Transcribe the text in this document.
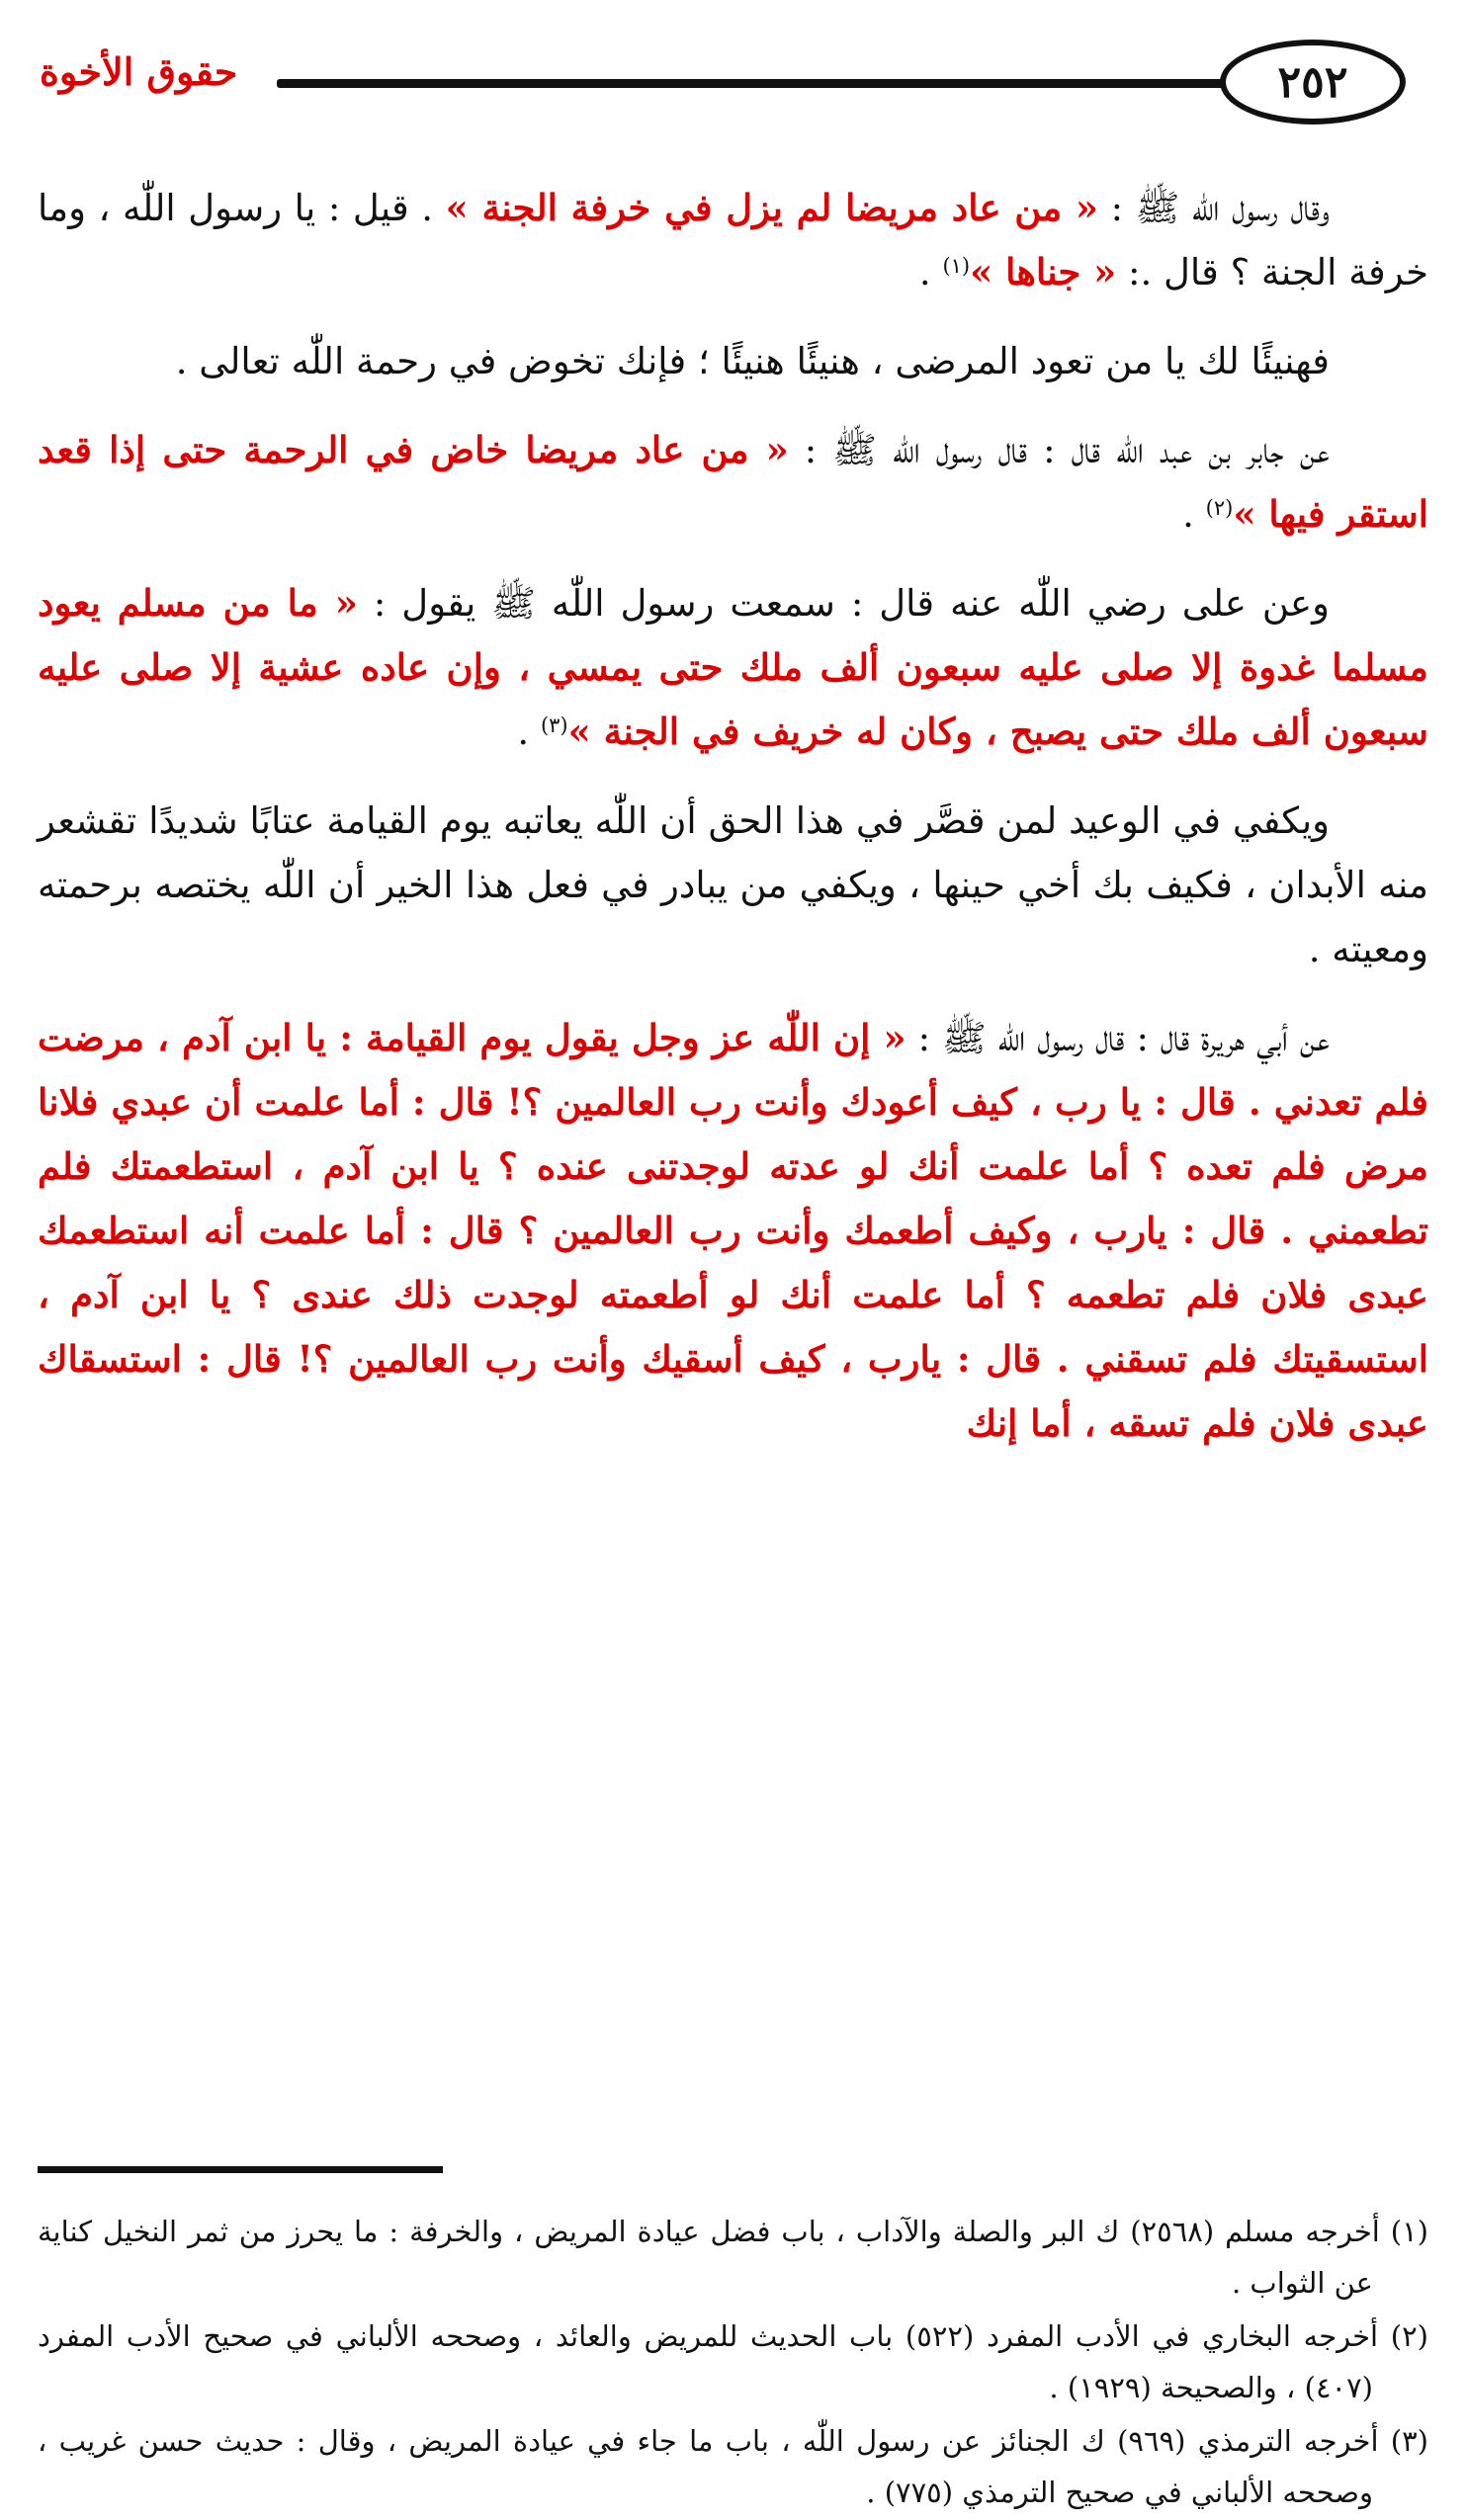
٢٥٢
حقوق الأخوة

وقال رسول اللّٰه ﷺ : « من عاد مريضا لم يزل في خرفة الجنة » . قيل : يا رسول اللّٰه ، وما خرفة الجنة ؟ قال .: « جناها »$^{(١)}$ .

فهنيئًا لك يا من تعود المرضى ، هنيئًا هنيئًا ؛ فإنك تخوض في رحمة اللّٰه تعالى .

عن جابر بن عبد اللّٰه قال : قال رسول اللّٰه ﷺ : « من عاد مريضا خاض في الرحمة حتى إذا قعد استقر فيها »$^{(٢)}$ .

وعن على رضي اللّٰه عنه قال : سمعت رسول اللّٰه ﷺ يقول : « ما من مسلم يعود مسلما غدوة إلا صلى عليه سبعون ألف ملك حتى يمسي ، وإن عاده عشية إلا صلى عليه سبعون ألف ملك حتى يصبح ، وكان له خريف في الجنة »$^{(٣)}$ .

ويكفي في الوعيد لمن قصَّر في هذا الحق أن اللّٰه يعاتبه يوم القيامة عتابًا شديدًا تقشعر منه الأبدان ، فكيف بك أخي حينها ، ويكفي من يبادر في فعل هذا الخير أن اللّٰه يختصه برحمته ومعيته .

عن أبي هريرة قال : قال رسول اللّٰه ﷺ : « إن اللّٰه عز وجل يقول يوم القيامة : يا ابن آدم ، مرضت فلم تعدني . قال : يا رب ، كيف أعودك وأنت رب العالمين ؟! قال : أما علمت أن عبدي فلانا مرض فلم تعده ؟ أما علمت أنك لو عدته لوجدتنى عنده ؟ يا ابن آدم ، استطعمتك فلم تطعمني . قال : يارب ، وكيف أطعمك وأنت رب العالمين ؟ قال : أما علمت أنه استطعمك عبدى فلان فلم تطعمه ؟ أما علمت أنك لو أطعمته لوجدت ذلك عندى ؟ يا ابن آدم ، استسقيتك فلم تسقني . قال : يارب ، كيف أسقيك وأنت رب العالمين ؟! قال : استسقاك عبدى فلان فلم تسقه ، أما إنك

(١) أخرجه مسلم (٢٥٦٨) ك البر والصلة والآداب ، باب فضل عيادة المريض ، والخرفة : ما يحرز من ثمر النخيل كناية عن الثواب .

(٢) أخرجه البخاري في الأدب المفرد (٥٢٢) باب الحديث للمريض والعائد ، وصححه الألباني في صحيح الأدب المفرد (٤٠٧) ، والصحيحة (١٩٢٩) .

(٣) أخرجه الترمذي (٩٦٩) ك الجنائز عن رسول اللّٰه ، باب ما جاء في عيادة المريض ، وقال : حديث حسن غريب ، وصححه الألباني في صحيح الترمذي (٧٧٥) .
